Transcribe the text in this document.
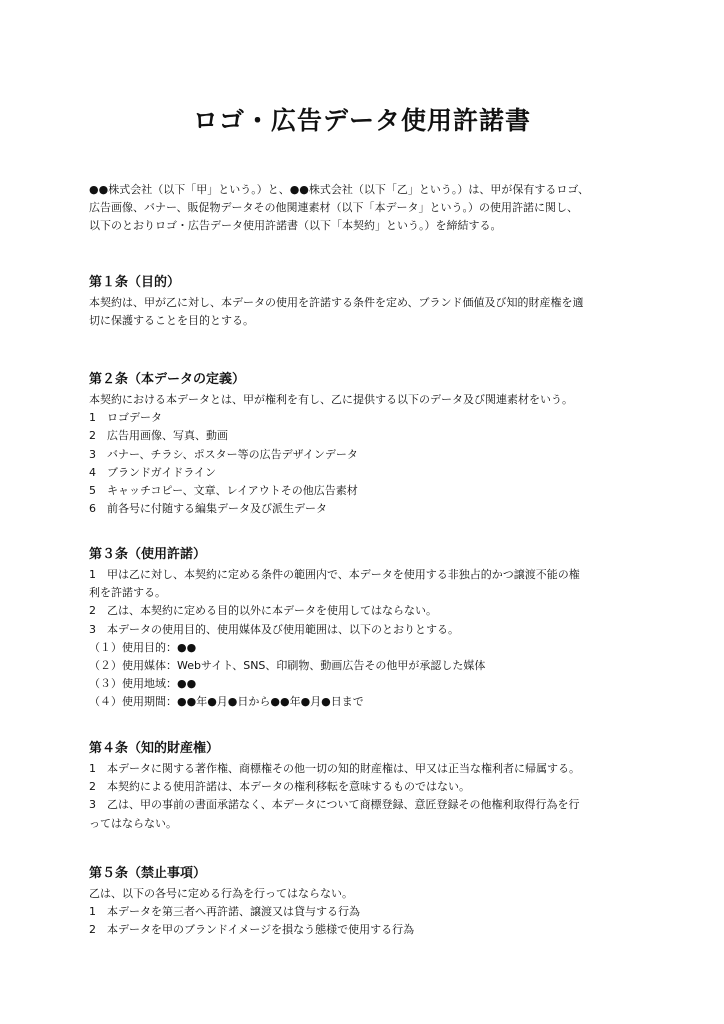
ロゴ・広告データ使用許諾書
●●株式会社（以下「甲」という。）と、●●株式会社（以下「乙」という。）は、甲が保有するロゴ、
広告画像、バナー、販促物データその他関連素材（以下「本データ」という。）の使用許諾に関し、
以下のとおりロゴ・広告データ使用許諾書（以下「本契約」という。）を締結する。
第１条（目的）
本契約は、甲が乙に対し、本データの使用を許諾する条件を定め、ブランド価値及び知的財産権を適
切に保護することを目的とする。
第２条（本データの定義）
本契約における本データとは、甲が権利を有し、乙に提供する以下のデータ及び関連素材をいう。
1　ロゴデータ
2　広告用画像、写真、動画
3　バナー、チラシ、ポスター等の広告デザインデータ
4　ブランドガイドライン
5　キャッチコピー、文章、レイアウトその他広告素材
6　前各号に付随する編集データ及び派生データ
第３条（使用許諾）
1　甲は乙に対し、本契約に定める条件の範囲内で、本データを使用する非独占的かつ譲渡不能の権
利を許諾する。
2　乙は、本契約に定める目的以外に本データを使用してはならない。
3　本データの使用目的、使用媒体及び使用範囲は、以下のとおりとする。
（１）使用目的：●●
（２）使用媒体：Webサイト、SNS、印刷物、動画広告その他甲が承認した媒体
（３）使用地域：●●
（４）使用期間：●●年●月●日から●●年●月●日まで
第４条（知的財産権）
1　本データに関する著作権、商標権その他一切の知的財産権は、甲又は正当な権利者に帰属する。
2　本契約による使用許諾は、本データの権利移転を意味するものではない。
3　乙は、甲の事前の書面承諾なく、本データについて商標登録、意匠登録その他権利取得行為を行
ってはならない。
第５条（禁止事項）
乙は、以下の各号に定める行為を行ってはならない。
1　本データを第三者へ再許諾、譲渡又は貸与する行為
2　本データを甲のブランドイメージを損なう態様で使用する行為
